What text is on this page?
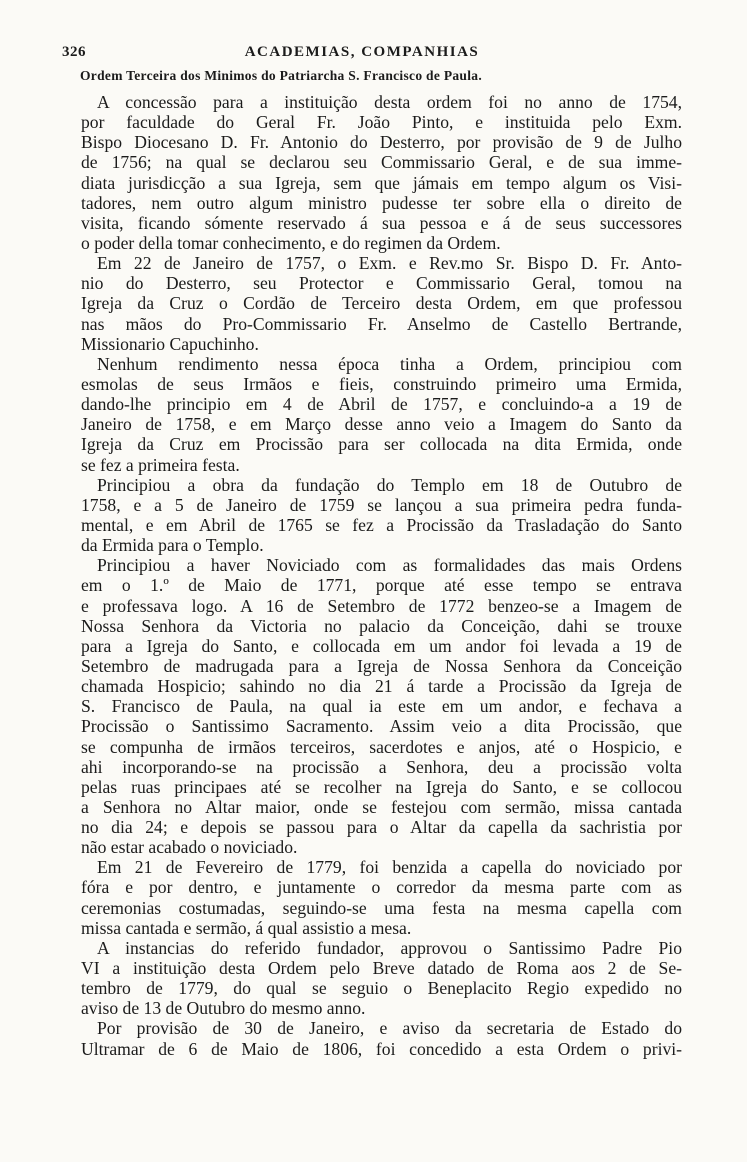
326	ACADEMIAS, COMPANHIAS
Ordem Terceira dos Minimos do Patriarcha S. Francisco de Paula.
A concessão para a instituição desta ordem foi no anno de 1754,
por faculdade do Geral Fr. João Pinto, e instituida pelo Exm.
Bispo Diocesano D. Fr. Antonio do Desterro, por provisão de 9 de Julho
de 1756; na qual se declarou seu Commissario Geral, e de sua imme-
diata jurisdicção a sua Igreja, sem que jámais em tempo algum os Visi-
tadores, nem outro algum ministro pudesse ter sobre ella o direito de
visita, ficando sómente reservado á sua pessoa e á de seus successores
o poder della tomar conhecimento, e do regimen da Ordem.
Em 22 de Janeiro de 1757, o Exm. e Rev.mo Sr. Bispo D. Fr. Anto-
nio do Desterro, seu Protector e Commissario Geral, tomou na
Igreja da Cruz o Cordão de Terceiro desta Ordem, em que professou
nas mãos do Pro-Commissario Fr. Anselmo de Castello Bertrande,
Missionario Capuchinho.
Nenhum rendimento nessa época tinha a Ordem, principiou com
esmolas de seus Irmãos e fieis, construindo primeiro uma Ermida,
dando-lhe principio em 4 de Abril de 1757, e concluindo-a a 19 de
Janeiro de 1758, e em Março desse anno veio a Imagem do Santo da
Igreja da Cruz em Procissão para ser collocada na dita Ermida, onde
se fez a primeira festa.
Principiou a obra da fundação do Templo em 18 de Outubro de
1758, e a 5 de Janeiro de 1759 se lançou a sua primeira pedra funda-
mental, e em Abril de 1765 se fez a Procissão da Trasladação do Santo
da Ermida para o Templo.
Principiou a haver Noviciado com as formalidades das mais Ordens
em o 1.º de Maio de 1771, porque até esse tempo se entrava
e professava logo. A 16 de Setembro de 1772 benzeo-se a Imagem de
Nossa Senhora da Victoria no palacio da Conceição, dahi se trouxe
para a Igreja do Santo, e collocada em um andor foi levada a 19 de
Setembro de madrugada para a Igreja de Nossa Senhora da Conceição
chamada Hospicio; sahindo no dia 21 á tarde a Procissão da Igreja de
S. Francisco de Paula, na qual ia este em um andor, e fechava a
Procissão o Santissimo Sacramento. Assim veio a dita Procissão, que
se compunha de irmãos terceiros, sacerdotes e anjos, até o Hospicio, e
ahi incorporando-se na procissão a Senhora, deu a procissão volta
pelas ruas principaes até se recolher na Igreja do Santo, e se collocou
a Senhora no Altar maior, onde se festejou com sermão, missa cantada
no dia 24; e depois se passou para o Altar da capella da sachristia por
não estar acabado o noviciado.
Em 21 de Fevereiro de 1779, foi benzida a capella do noviciado por
fóra e por dentro, e juntamente o corredor da mesma parte com as
ceremonias costumadas, seguindo-se uma festa na mesma capella com
missa cantada e sermão, á qual assistio a mesa.
A instancias do referido fundador, approvou o Santissimo Padre Pio
VI a instituição desta Ordem pelo Breve datado de Roma aos 2 de Se-
tembro de 1779, do qual se seguio o Beneplacito Regio expedido no
aviso de 13 de Outubro do mesmo anno.
Por provisão de 30 de Janeiro, e aviso da secretaria de Estado do
Ultramar de 6 de Maio de 1806, foi concedido a esta Ordem o privi-
